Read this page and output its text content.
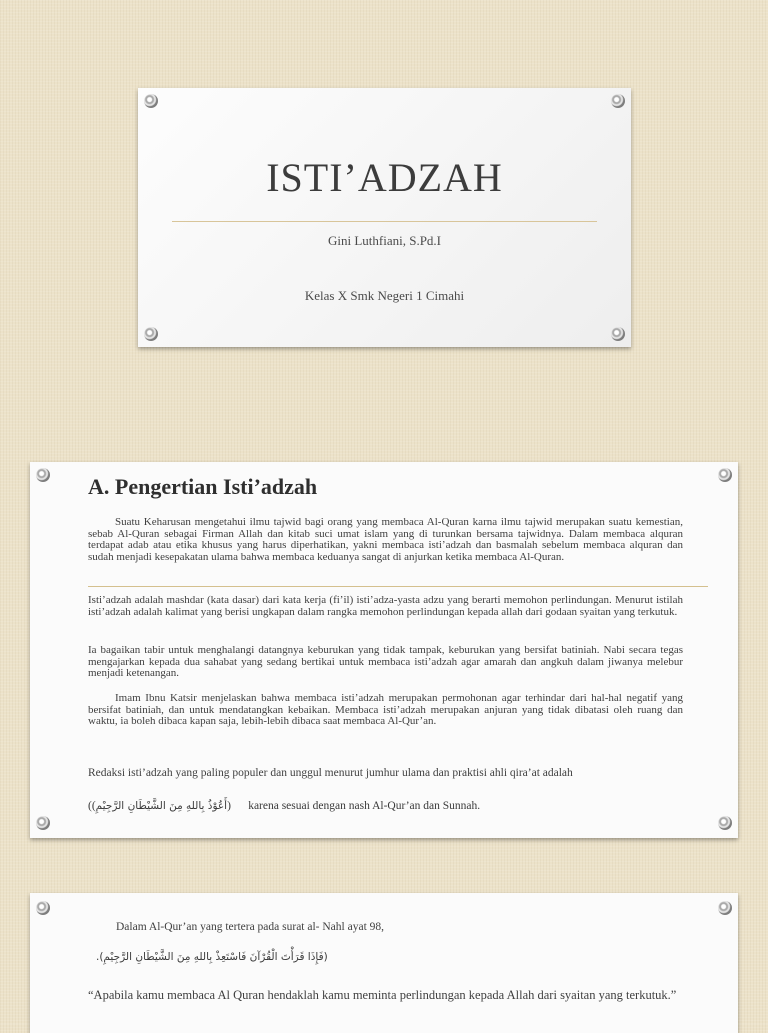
ISTI’ADZAH
Gini Luthfiani, S.Pd.I
Kelas X Smk Negeri 1 Cimahi
A. Pengertian Isti’adzah

Suatu Keharusan mengetahui ilmu tajwid bagi orang yang membaca Al-Quran karna ilmu tajwid merupakan suatu kemestian, sebab Al-Quran sebagai Firman Allah dan kitab suci umat islam yang di turunkan bersama tajwidnya. Dalam membaca alquran terdapat adab atau etika khusus yang harus diperhatikan, yakni membaca isti’adzah dan basmalah sebelum membaca alquran dan sudah menjadi kesepakatan ulama bahwa membaca keduanya sangat di anjurkan ketika membaca Al-Quran.

Isti’adzah adalah mashdar (kata dasar) dari kata kerja (fi’il) isti’adza-yasta adzu yang berarti memohon perlindungan. Menurut istilah isti’adzah adalah kalimat yang berisi ungkapan dalam rangka memohon perlindungan kepada allah dari godaan syaitan yang terkutuk.

Ia bagaikan tabir untuk menghalangi datangnya keburukan yang tidak tampak, keburukan yang bersifat batiniah. Nabi secara tegas mengajarkan kepada dua sahabat yang sedang bertikai untuk membaca isti’adzah agar amarah dan angkuh dalam jiwanya melebur menjadi ketenangan.

Imam Ibnu Katsir menjelaskan bahwa membaca isti’adzah merupakan permohonan agar terhindar dari hal-hal negatif yang bersifat batiniah, dan untuk mendatangkan kebaikan. Membaca isti’adzah merupakan anjuran yang tidak dibatasi oleh ruang dan waktu, ia boleh dibaca kapan saja, lebih-lebih dibaca saat membaca Al-Qur’an.

Redaksi isti’adzah yang paling populer dan unggul menurut jumhur ulama dan praktisi ahli qira’at adalah

((أَعُوْذُ بِاللهِ مِنَ الشَّيْطَانِ الرَّجِيْمِ) karena sesuai dengan nash Al-Qur’an dan Sunnah.
Dalam Al-Qur’an yang tertera pada surat al- Nahl ayat 98,
(فَإِذَا قَرَأْتَ الْقُرْآنَ فَاسْتَعِذْ بِاللهِ مِنَ الشَّيْطَانِ الرَّجِيْمِ).
“Apabila kamu membaca Al Quran hendaklah kamu meminta perlindungan kepada Allah dari syaitan yang terkutuk.”
